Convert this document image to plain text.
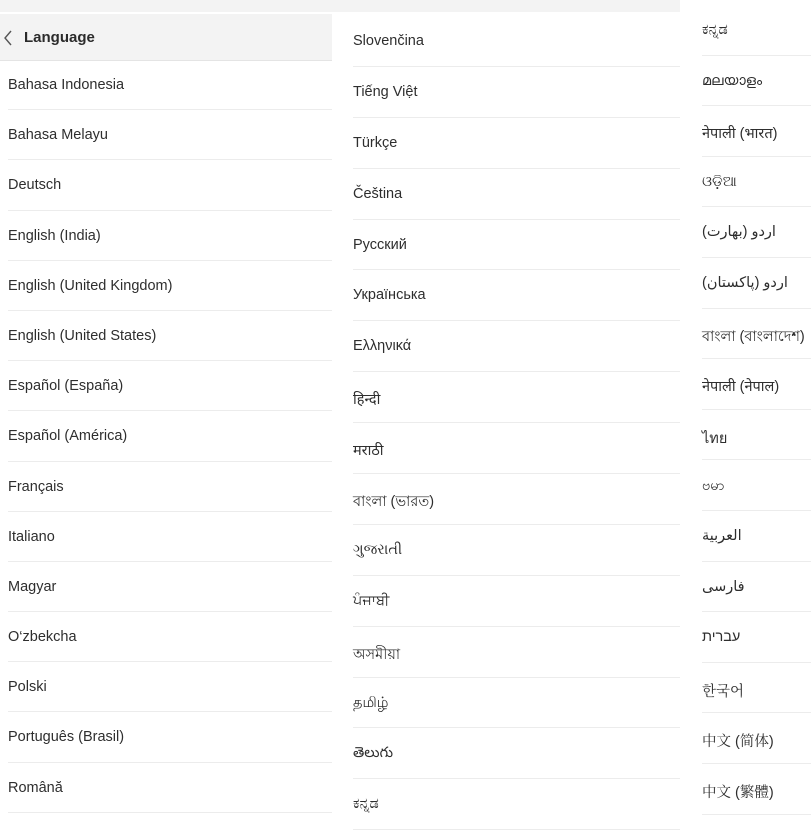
Language
Bahasa Indonesia
Bahasa Melayu
Deutsch
English (India)
English (United Kingdom)
English (United States)
Español (España)
Español (América)
Français
Italiano
Magyar
O‘zbekcha
Polski
Português (Brasil)
Română
Slovenčina
Tiếng Việt
Türkçe
Čeština
Русский
Українська
Ελληνικά
हिन्दी
मराठी
বাংলা (ভারত)
ગુજરાતી
ਪੰਜਾਬੀ
অসমীয়া
தமிழ்
తెలుగు
ಕನ್ನಡ
ಕನ್ನಡ
മലയാളം
नेपाली (भारत)
ଓଡ଼ିଆ
اردو (بھارت)
اردو (پاکستان)
বাংলা (বাংলাদেশ)
नेपाली (नेपाल)
ไทย
ဗမာ
العربية
فارسی
עברית
한국어
中文 (简体)
中文 (繁體)
